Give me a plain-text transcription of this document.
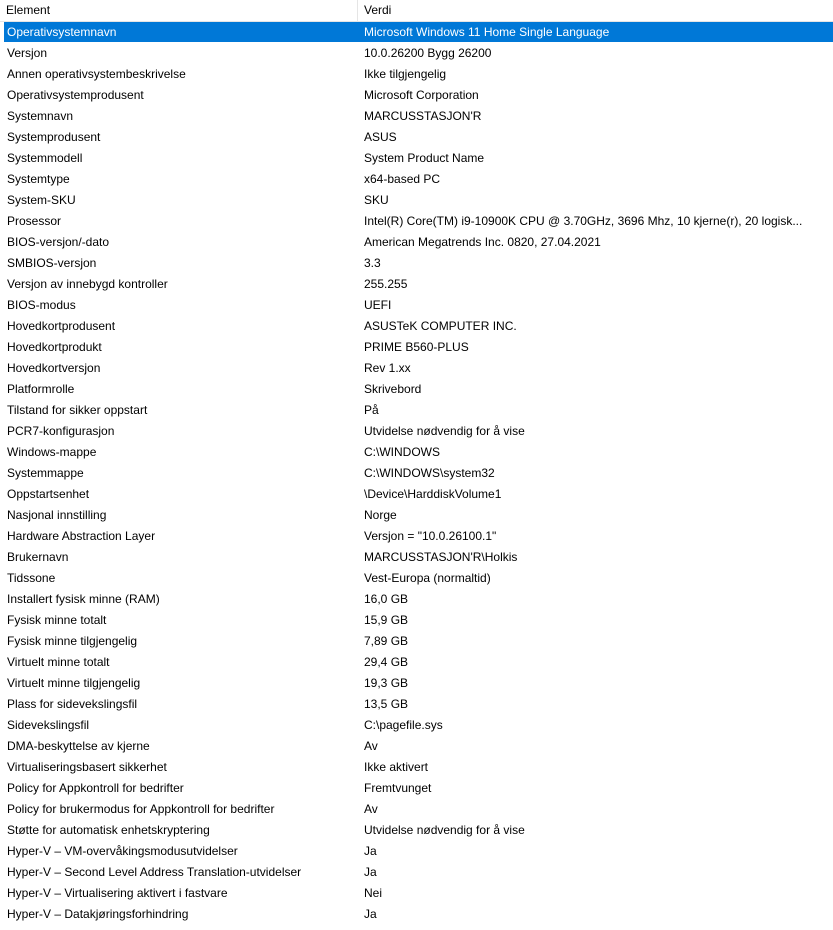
Element	Verdi
Operativsystemnavn	Microsoft Windows 11 Home Single Language
Versjon	10.0.26200 Bygg 26200
Annen operativsystembeskrivelse	Ikke tilgjengelig
Operativsystemprodusent	Microsoft Corporation
Systemnavn	MARCUSSTASJON'R
Systemprodusent	ASUS
Systemmodell	System Product Name
Systemtype	x64-based PC
System-SKU	SKU
Prosessor	Intel(R) Core(TM) i9-10900K CPU @ 3.70GHz, 3696 Mhz, 10 kjerne(r), 20 logisk...
BIOS-versjon/-dato	American Megatrends Inc. 0820, 27.04.2021
SMBIOS-versjon	3.3
Versjon av innebygd kontroller	255.255
BIOS-modus	UEFI
Hovedkortprodusent	ASUSTeK COMPUTER INC.
Hovedkortprodukt	PRIME B560-PLUS
Hovedkortversjon	Rev 1.xx
Platformrolle	Skrivebord
Tilstand for sikker oppstart	På
PCR7-konfigurasjon	Utvidelse nødvendig for å vise
Windows-mappe	C:\WINDOWS
Systemmappe	C:\WINDOWS\system32
Oppstartsenhet	\Device\HarddiskVolume1
Nasjonal innstilling	Norge
Hardware Abstraction Layer	Versjon = "10.0.26100.1"
Brukernavn	MARCUSSTASJON'R\Holkis
Tidssone	Vest-Europa (normaltid)
Installert fysisk minne (RAM)	16,0 GB
Fysisk minne totalt	15,9 GB
Fysisk minne tilgjengelig	7,89 GB
Virtuelt minne totalt	29,4 GB
Virtuelt minne tilgjengelig	19,3 GB
Plass for sidevekslingsfil	13,5 GB
Sidevekslingsfil	C:\pagefile.sys
DMA-beskyttelse av kjerne	Av
Virtualiseringsbasert sikkerhet	Ikke aktivert
Policy for Appkontroll for bedrifter	Fremtvunget
Policy for brukermodus for Appkontroll for bedrifter	Av
Støtte for automatisk enhetskryptering	Utvidelse nødvendig for å vise
Hyper-V – VM-overvåkingsmodusutvidelser	Ja
Hyper-V – Second Level Address Translation-utvidelser	Ja
Hyper-V – Virtualisering aktivert i fastvare	Nei
Hyper-V – Datakjøringsforhindring	Ja
